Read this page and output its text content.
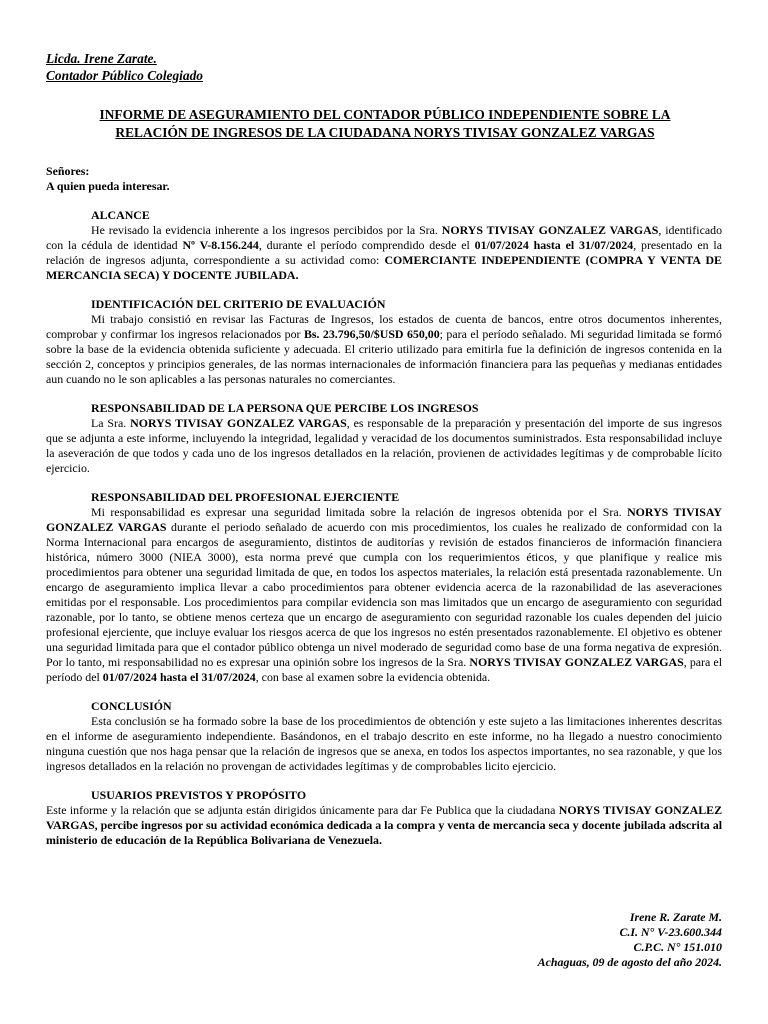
Licda. Irene Zarate.
Contador Público Colegiado
INFORME DE ASEGURAMIENTO DEL CONTADOR PÚBLICO INDEPENDIENTE SOBRE LA
RELACIÓN DE INGRESOS DE LA CIUDADANA NORYS TIVISAY GONZALEZ VARGAS
Señores:
A quien pueda interesar.
ALCANCE

He revisado la evidencia inherente a los ingresos percibidos por la Sra. NORYS TIVISAY GONZALEZ VARGAS, identificado con la cédula de identidad Nº V-8.156.244, durante el período comprendido desde el 01/07/2024 hasta el 31/07/2024, presentado en la relación de ingresos adjunta, correspondiente a su actividad como: COMERCIANTE INDEPENDIENTE (COMPRA Y VENTA DE MERCANCIA SECA) Y DOCENTE JUBILADA.

IDENTIFICACIÓN DEL CRITERIO DE EVALUACIÓN

Mi trabajo consistió en revisar las Facturas de Ingresos, los estados de cuenta de bancos, entre otros documentos inherentes, comprobar y confirmar los ingresos relacionados por Bs. 23.796,50/$USD 650,00; para el período señalado. Mi seguridad limitada se formó sobre la base de la evidencia obtenida suficiente y adecuada. El criterio utilizado para emitirla fue la definición de ingresos contenida en la sección 2, conceptos y principios generales, de las normas internacionales de información financiera para las pequeñas y medianas entidades aun cuando no le son aplicables a las personas naturales no comerciantes.

RESPONSABILIDAD DE LA PERSONA QUE PERCIBE LOS INGRESOS

La Sra. NORYS TIVISAY GONZALEZ VARGAS, es responsable de la preparación y presentación del importe de sus ingresos que se adjunta a este informe, incluyendo la integridad, legalidad y veracidad de los documentos suministrados. Esta responsabilidad incluye la aseveración de que todos y cada uno de los ingresos detallados en la relación, provienen de actividades legítimas y de comprobable lícito ejercicio.

RESPONSABILIDAD DEL PROFESIONAL EJERCIENTE

Mi responsabilidad es expresar una seguridad limitada sobre la relación de ingresos obtenida por el Sra. NORYS TIVISAY GONZALEZ VARGAS durante el periodo señalado de acuerdo con mis procedimientos, los cuales he realizado de conformidad con la Norma Internacional para encargos de aseguramiento, distintos de auditorías y revisión de estados financieros de información financiera histórica, número 3000 (NIEA 3000), esta norma prevé que cumpla con los requerimientos éticos, y que planifique y realice mis procedimientos para obtener una seguridad limitada de que, en todos los aspectos materiales, la relación está presentada razonablemente. Un encargo de aseguramiento implica llevar a cabo procedimientos para obtener evidencia acerca de la razonabilidad de las aseveraciones emitidas por el responsable. Los procedimientos para compilar evidencia son mas limitados que un encargo de aseguramiento con seguridad razonable, por lo tanto, se obtiene menos certeza que un encargo de aseguramiento con seguridad razonable los cuales dependen del juicio profesional ejerciente, que incluye evaluar los riesgos acerca de que los ingresos no estén presentados razonablemente. El objetivo es obtener una seguridad limitada para que el contador público obtenga un nivel moderado de seguridad como base de una forma negativa de expresión. Por lo tanto, mi responsabilidad no es expresar una opinión sobre los ingresos de la Sra. NORYS TIVISAY GONZALEZ VARGAS, para el período del 01/07/2024 hasta el 31/07/2024, con base al examen sobre la evidencia obtenida.

CONCLUSIÓN

Esta conclusión se ha formado sobre la base de los procedimientos de obtención y este sujeto a las limitaciones inherentes descritas en el informe de aseguramiento independiente. Basándonos, en el trabajo descrito en este informe, no ha llegado a nuestro conocimiento ninguna cuestión que nos haga pensar que la relación de ingresos que se anexa, en todos los aspectos importantes, no sea razonable, y que los ingresos detallados en la relación no provengan de actividades legítimas y de comprobables licito ejercicio.

USUARIOS PREVISTOS Y PROPÓSITO

Este informe y la relación que se adjunta están dirigidos únicamente para dar Fe Publica que la ciudadana NORYS TIVISAY GONZALEZ VARGAS, percibe ingresos por su actividad económica dedicada a la compra y venta de mercancia seca y docente jubilada adscrita al ministerio de educación de la República Bolivariana de Venezuela.

Irene R. Zarate M.
C.I. N° V-23.600.344
C.P.C. N° 151.010
Achaguas, 09 de agosto del año 2024.
